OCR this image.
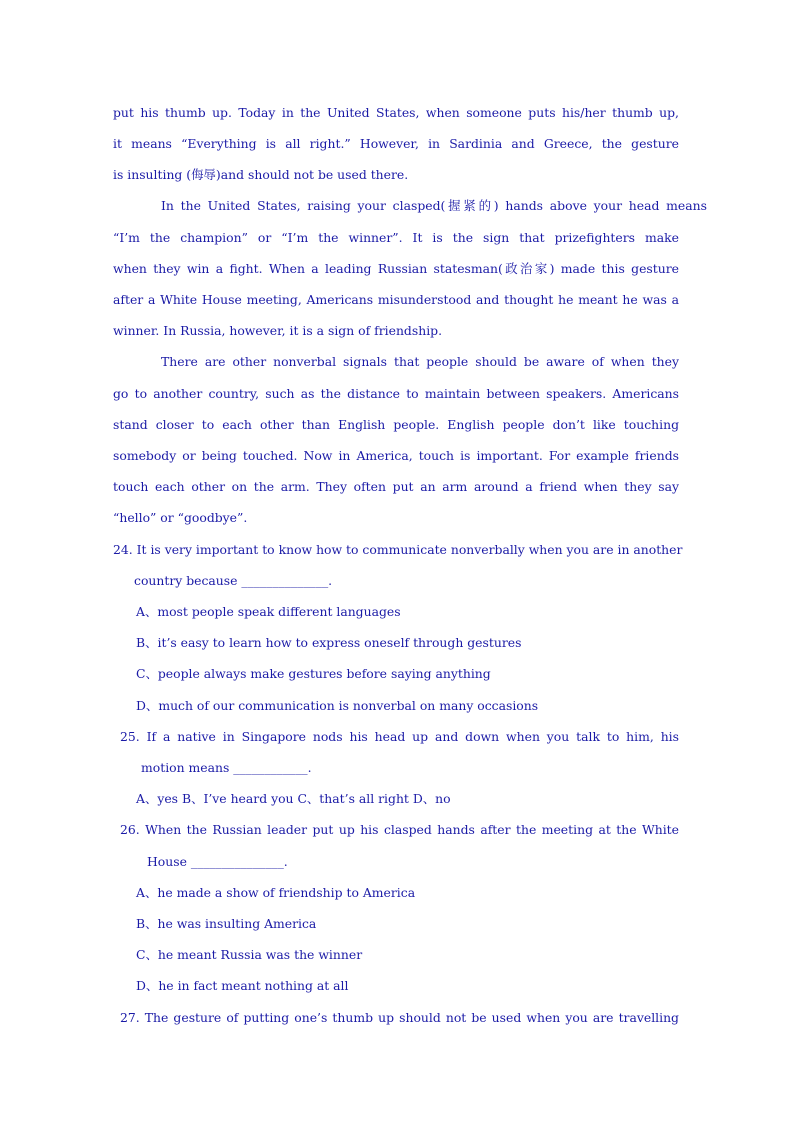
put his thumb up. Today in the United States, when someone puts his/her thumb up,
it means “Everything is all right.” However, in Sardinia and Greece, the gesture
is insulting (侮辱)and should not be used there.
In the United States, raising your clasped(握紧的) hands above your head means
“I’m the champion” or “I’m the winner”. It is the sign that prizefighters make
when they win a fight. When a leading Russian statesman(政治家) made this gesture
after a White House meeting, Americans misunderstood and thought he meant he was a
winner. In Russia, however, it is a sign of friendship.
There are other nonverbal signals that people should be aware of when they
go to another country, such as the distance to maintain between speakers. Americans
stand closer to each other than English people. English people don’t like touching
somebody or being touched. Now in America, touch is important. For example friends
touch each other on the arm. They often put an arm around a friend when they say
“hello” or “goodbye”.
24. It is very important to know how to communicate nonverbally when you are in another
country because ______________.
A、most people speak different languages
B、it’s easy to learn how to express oneself through gestures
C、people always make gestures before saying anything
D、much of our communication is nonverbal on many occasions
25. If a native in Singapore nods his head up and down when you talk to him, his
motion means ____________.
A、yes B、I’ve heard you C、that’s all right D、no
26. When the Russian leader put up his clasped hands after the meeting at the White
House _______________.
A、he made a show of friendship to America
B、he was insulting America
C、he meant Russia was the winner
D、he in fact meant nothing at all
27. The gesture of putting one’s thumb up should not be used when you are travelling
